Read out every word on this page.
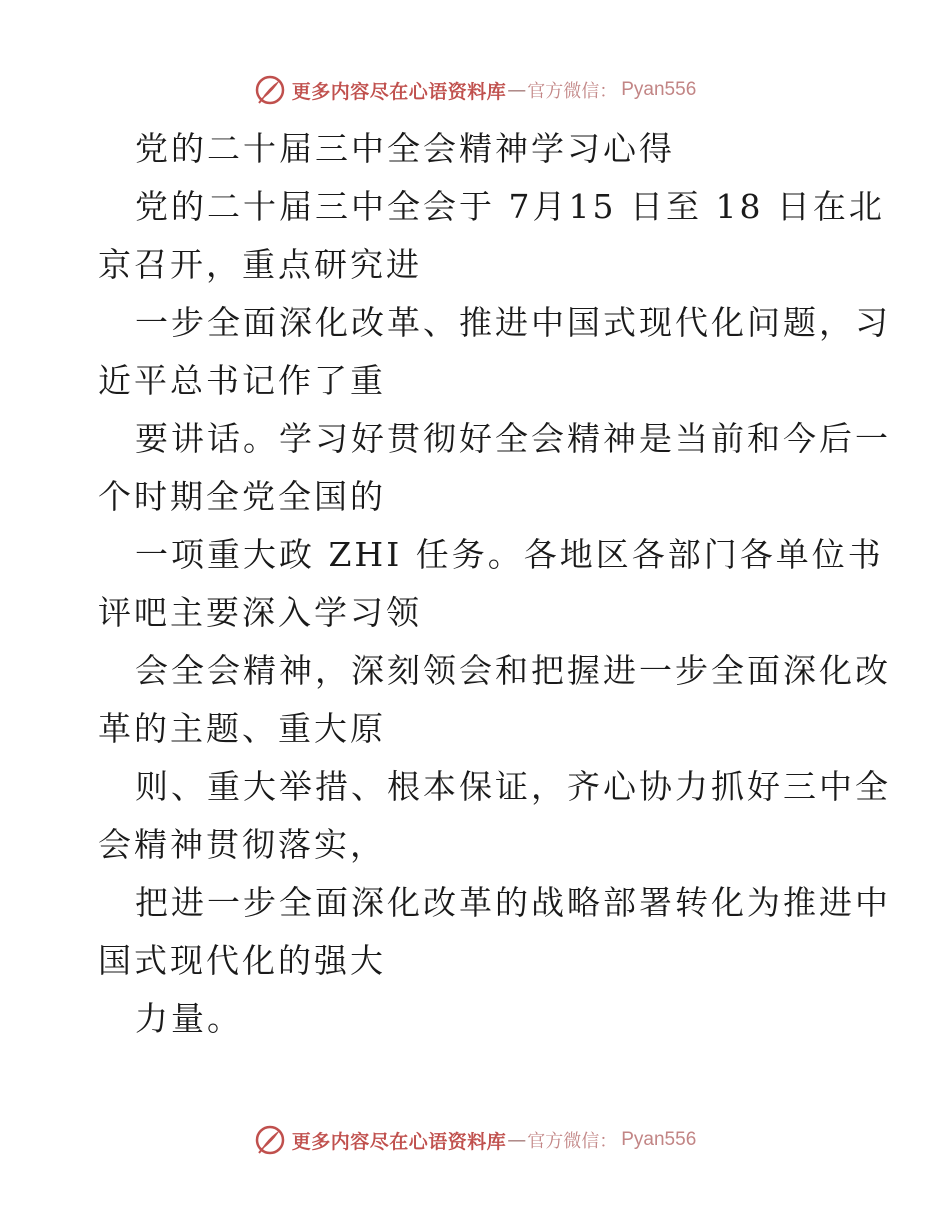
更多内容尽在心语资料库 — 官方微信： Pyan556
党的二十届三中全会精神学习心得
党的二十届三中全会于 7月15 日至 18 日在北
京召开，重点研究进
一步全面深化改革、推进中国式现代化问题，习
近平总书记作了重
要讲话。学习好贯彻好全会精神是当前和今后一
个时期全党全国的
一项重大政 ZHI 任务。各地区各部门各单位书
评吧主要深入学习领
会全会精神，深刻领会和把握进一步全面深化改
革的主题、重大原
则、重大举措、根本保证，齐心协力抓好三中全
会精神贯彻落实，
把进一步全面深化改革的战略部署转化为推进中
国式现代化的强大
力量。
更多内容尽在心语资料库 — 官方微信： Pyan556
